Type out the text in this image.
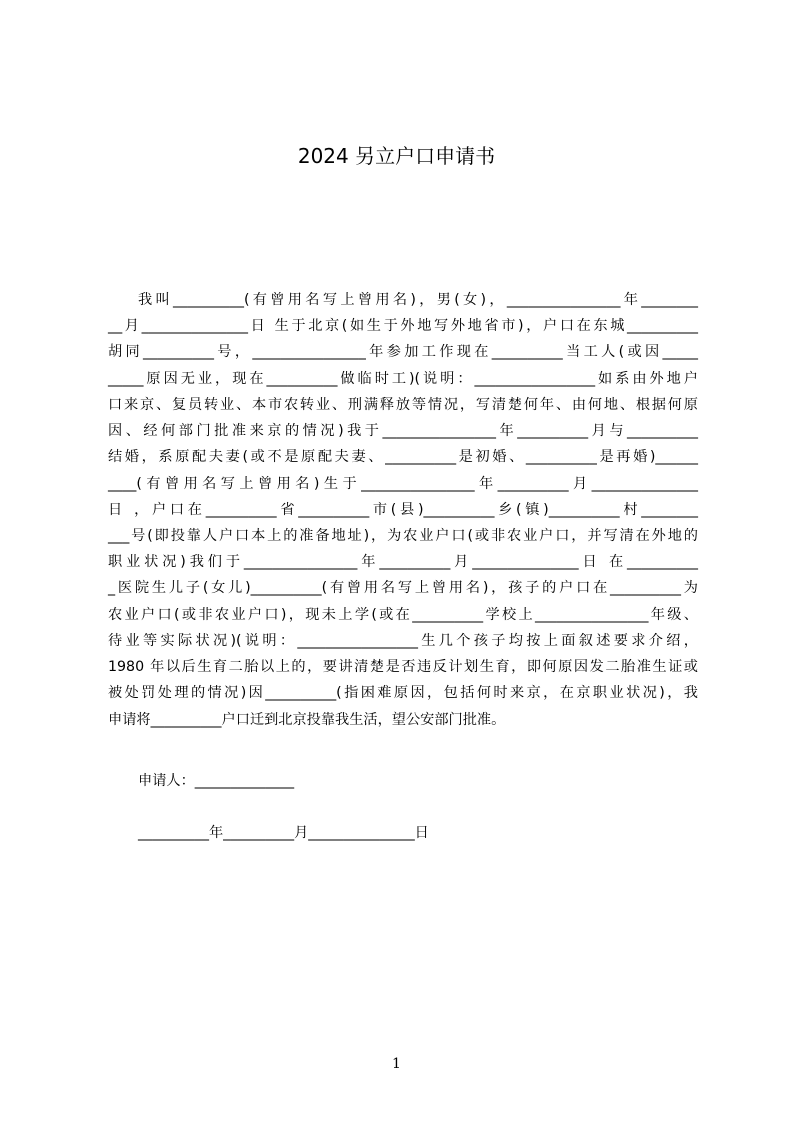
2024 另立户口申请书
我叫__________(有曾用名写上曾用名)，男(女)，________________年________
__月_______________日 生于北京(如生于外地写外地省市)，户口在东城__________
胡同__________号，________________年参加工作现在__________当工人(或因_____
_____原因无业，现在__________做临时工)(说明：_________________如系由外地户
口来京、复员转业、本市农转业、刑满释放等情况，写清楚何年、由何地、根据何原
因、经何部门批准来京的情况)我于________________年__________月与__________
结婚，系原配夫妻(或不是原配夫妻、__________是初婚、__________是再婚)______
____(有曾用名写上曾用名)生于________________年__________月_______________
日 ，户口在__________省__________市(县)__________乡(镇)__________村________
___号(即投靠人户口本上的准备地址)，为农业户口(或非农业户口，并写清在外地的
职业状况)我们于________________年__________月_______________日 在__________
_医院生儿子(女儿)__________(有曾用名写上曾用名)，孩子的户口在__________为
农业户口(或非农业户口)，现未上学(或在__________学校上________________年级、
待业等实际状况)(说明：_________________生几个孩子均按上面叙述要求介绍，
1980 年以后生育二胎以上的，要讲清楚是否违反计划生育，即何原因发二胎准生证或
被处罚处理的情况)因__________(指困难原因，包括何时来京，在京职业状况)，我
申请将__________户口迁到北京投靠我生活，望公安部门批准。
申请人：______________
__________年__________月_______________日
1
